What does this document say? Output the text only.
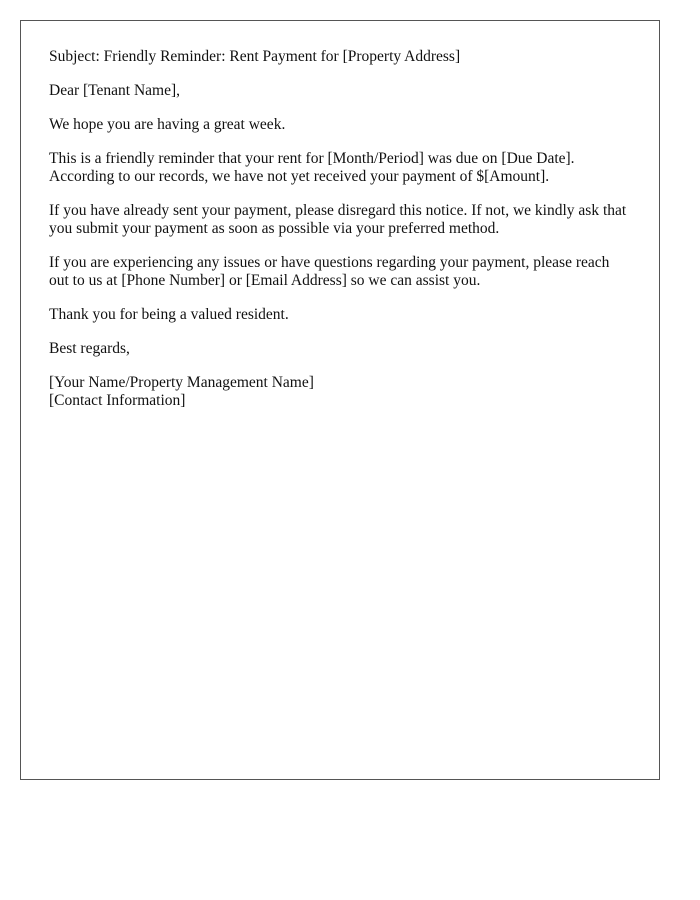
Subject: Friendly Reminder: Rent Payment for [Property Address]

Dear [Tenant Name],

We hope you are having a great week.

This is a friendly reminder that your rent for [Month/Period] was due on [Due Date]. According to our records, we have not yet received your payment of $[Amount].

If you have already sent your payment, please disregard this notice. If not, we kindly ask that you submit your payment as soon as possible via your preferred method.

If you are experiencing any issues or have questions regarding your payment, please reach out to us at [Phone Number] or [Email Address] so we can assist you.

Thank you for being a valued resident.

Best regards,

[Your Name/Property Management Name]
[Contact Information]
